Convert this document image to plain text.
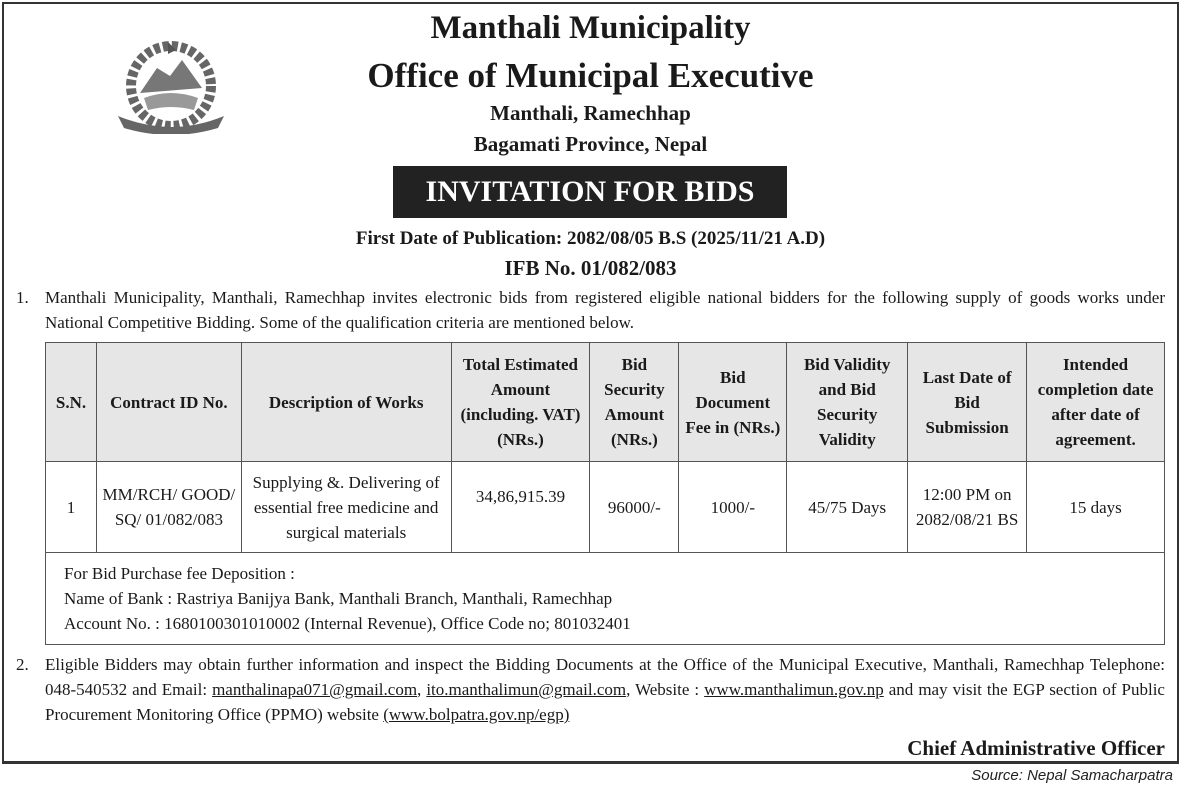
Manthali Municipality
Office of Municipal Executive
Manthali, Ramechhap
Bagamati Province, Nepal
INVITATION FOR BIDS
First Date of Publication: 2082/08/05 B.S (2025/11/21 A.D)
IFB No. 01/082/083
1. Manthali Municipality, Manthali, Ramechhap invites electronic bids from registered eligible national bidders for the following supply of goods works under National Competitive Bidding. Some of the qualification criteria are mentioned below.
S.N.	Contract ID No.	Description of Works	Total Estimated Amount (including. VAT) (NRs.)	Bid Security Amount (NRs.)	Bid Document Fee in (NRs.)	Bid Validity and Bid Security Validity	Last Date of Bid Submission	Intended completion date after date of agreement.
1	MM/RCH/ GOOD/ SQ/ 01/082/083	Supplying &. Delivering of essential free medicine and surgical materials	34,86,915.39	96000/-	1000/-	45/75 Days	12:00 PM on 2082/08/21 BS	15 days

For Bid Purchase fee Deposition :
Name of Bank : Rastriya Banijya Bank, Manthali Branch, Manthali, Ramechhap
Account No. : 1680100301010002 (Internal Revenue), Office Code no; 801032401								
2. Eligible Bidders may obtain further information and inspect the Bidding Documents at the Office of the Municipal Executive, Manthali, Ramechhap Telephone: 048-540532 and Email: manthalinapa071@gmail.com, ito.manthalimun@gmail.com, Website : www.manthalimun.gov.np and may visit the EGP section of Public Procurement Monitoring Office (PPMO) website (www.bolpatra.gov.np/egp)
Chief Administrative Officer
Source: Nepal Samacharpatra
